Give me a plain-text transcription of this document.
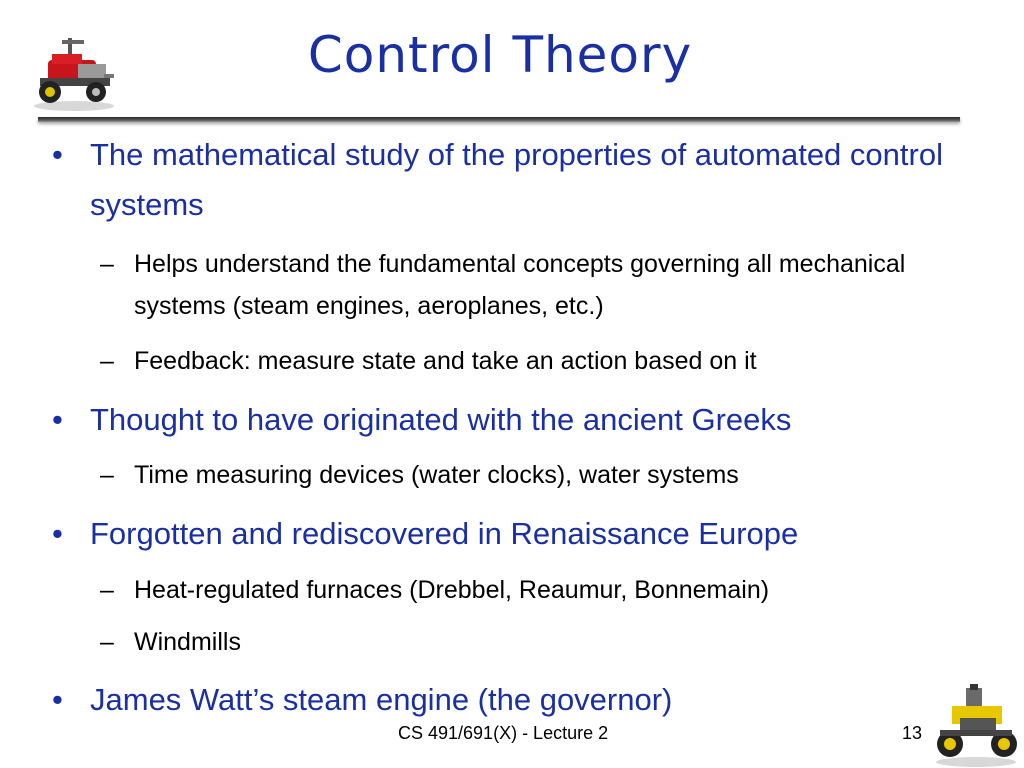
Control Theory
• The mathematical study of the properties of automated control systems
– Helps understand the fundamental concepts governing all mechanical systems (steam engines, aeroplanes, etc.)
– Feedback: measure state and take an action based on it
• Thought to have originated with the ancient Greeks
– Time measuring devices (water clocks), water systems
• Forgotten and rediscovered in Renaissance Europe
– Heat-regulated furnaces (Drebbel, Reaumur, Bonnemain)
– Windmills
• James Watt’s steam engine (the governor)
CS 491/691(X) - Lecture 2	13
